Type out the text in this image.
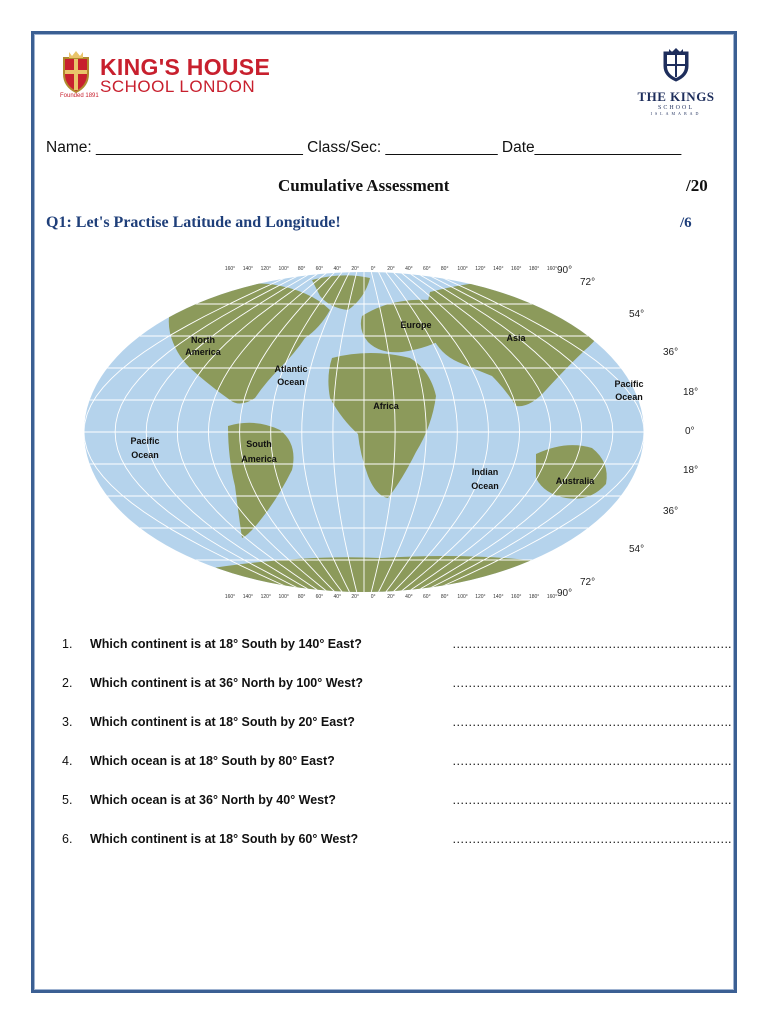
KING'S HOUSE
SCHOOL LONDON
Founded 1891	THE KINGS
SCHOOL
ISLAMABAD
Name: ________________________ Class/Sec: _____________ Date_________________
Cumulative Assessment	/20
Q1: Let's Practise Latitude and Longitude!	/6
160° 140° 120° 100° 80° 60° 40° 20° 0° 20° 40° 60° 80° 100° 120° 140° 160° 180° 160°
160° 140° 120° 100° 80° 60° 40° 20° 0° 20° 40° 60° 80° 100° 120° 140° 160° 180° 160°
90°
72°
54°
36°
18°
0°
18°
36°
54°
72°
90°
North
America
Europe
Asia
Atlantic
Ocean
Africa
Pacific
Ocean
Pacific
Ocean
South
America
Indian
Ocean	Australia
1.	Which continent is at 18° South by 140° East?	…………………………………………………………….
2.	Which continent is at 36° North by 100° West?	…………………………………………………………….
3.	Which continent is at 18° South by 20° East?	…………………………………………………………….
4.	Which ocean is at 18° South by 80° East?	…………………………………………………………….
5.	Which ocean is at 36° North by 40° West?	…………………………………………………………….
6.	Which continent is at 18° South by 60° West?	…………………………………………………………….
